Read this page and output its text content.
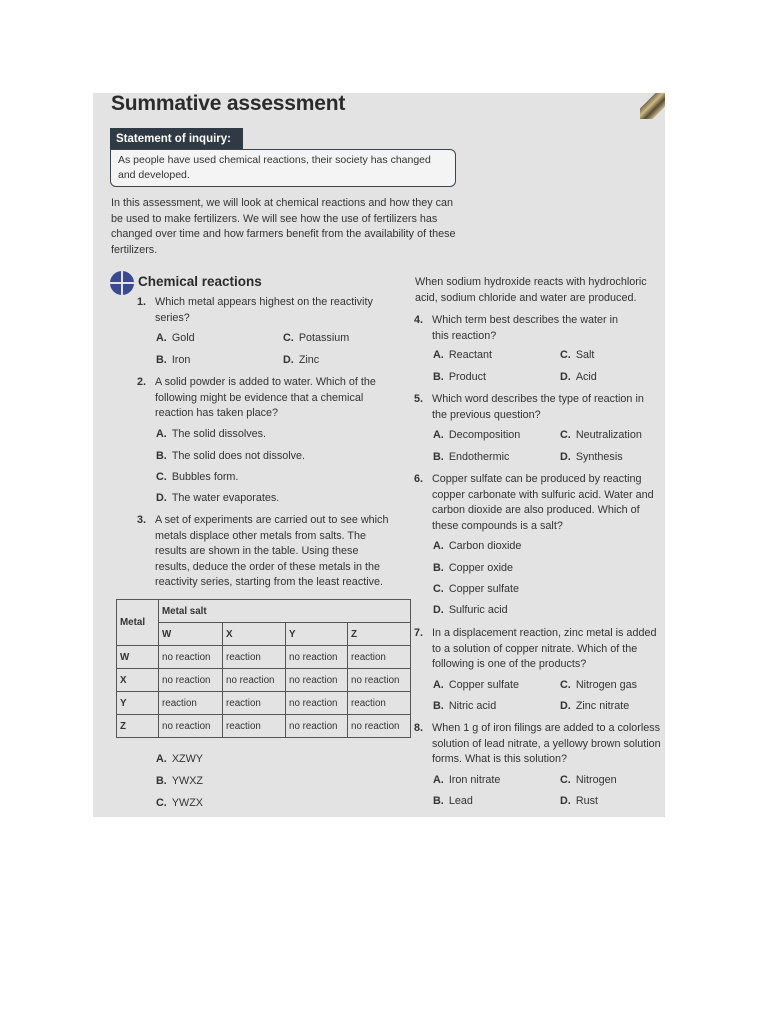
Summative assessment
Statement of inquiry:
As people have used chemical reactions, their society has changed and developed.
In this assessment, we will look at chemical reactions and how they can be used to make fertilizers. We will see how the use of fertilizers has changed over time and how farmers benefit from the availability of these fertilizers.
Chemical reactions
1. Which metal appears highest on the reactivity series?
A. Gold
B. Iron
C. Potassium
D. Zinc
2. A solid powder is added to water. Which of the following might be evidence that a chemical reaction has taken place?
A. The solid dissolves.
B. The solid does not dissolve.
C. Bubbles form.
D. The water evaporates.
3. A set of experiments are carried out to see which metals displace other metals from salts. The results are shown in the table. Using these results, deduce the order of these metals in the reactivity series, starting from the least reactive.
Metal	Metal salt			
	W	X	Y	Z
W	no reaction	reaction	no reaction	reaction
X	no reaction	no reaction	no reaction	no reaction
Y	reaction	reaction	no reaction	reaction
Z	no reaction	reaction	no reaction	no reaction
A. XZWY
B. YWXZ
C. YWZX
When sodium hydroxide reacts with hydrochloric acid, sodium chloride and water are produced.
4. Which term best describes the water in this reaction?
A. Reactant
B. Product
C. Salt
D. Acid
5. Which word describes the type of reaction in the previous question?
A. Decomposition
B. Endothermic
C. Neutralization
D. Synthesis
6. Copper sulfate can be produced by reacting copper carbonate with sulfuric acid. Water and carbon dioxide are also produced. Which of these compounds is a salt?
A. Carbon dioxide
B. Copper oxide
C. Copper sulfate
D. Sulfuric acid
7. In a displacement reaction, zinc metal is added to a solution of copper nitrate. Which of the following is one of the products?
A. Copper sulfate
B. Nitric acid
C. Nitrogen gas
D. Zinc nitrate
8. When 1 g of iron filings are added to a colorless solution of lead nitrate, a yellowy brown solution forms. What is this solution?
A. Iron nitrate
B. Lead
C. Nitrogen
D. Rust
